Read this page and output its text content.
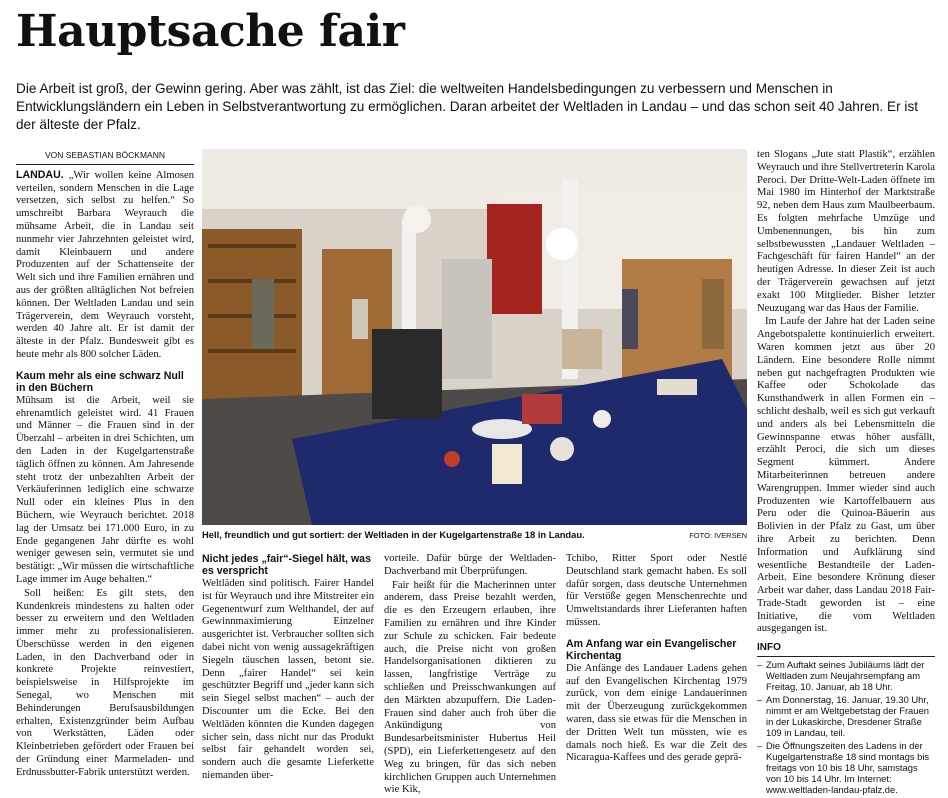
Hauptsache fair

Die Arbeit ist groß, der Gewinn gering. Aber was zählt, ist das Ziel: die weltweiten Handelsbedingungen zu verbessern und Menschen in Entwicklungsländern ein Leben in Selbstverantwortung zu ermöglichen. Daran arbeitet der Weltladen in Landau – und das schon seit 40 Jahren. Er ist der älteste der Pfalz.

VON SEBASTIAN BÖCKMANN

LANDAU. „Wir wollen keine Almosen verteilen, sondern Menschen in die Lage versetzen, sich selbst zu helfen.“ So umschreibt Barbara Weyrauch die mühsame Arbeit, die in Landau seit nunmehr vier Jahrzehnten geleistet wird, damit Kleinbauern und andere Produzenten auf der Schattenseite der Welt sich und ihre Familien ernähren und aus der größten alltäglichen Not befreien können. Der Weltladen Landau und sein Trägerverein, dem Weyrauch vorsteht, werden 40 Jahre alt. Er ist damit der älteste in der Pfalz. Bundesweit gibt es heute mehr als 800 solcher Läden.

Kaum mehr als eine schwarz Null in den Büchern

Mühsam ist die Arbeit, weil sie ehrenamtlich geleistet wird. 41 Frauen und Männer – die Frauen sind in der Überzahl – arbeiten in drei Schichten, um den Laden in der Kugelgartenstraße täglich öffnen zu können. Am Jahresende steht trotz der unbezahlten Arbeit der Verkäuferinnen lediglich eine schwarze Null oder ein kleines Plus in den Büchern, wie Weyrauch berichtet. 2018 lag der Umsatz bei 171.000 Euro, in zu Ende gegangenen Jahr dürfte es wohl weniger gewesen sein, vermutet sie und bestätigt: „Wir müssen die wirtschaftliche Lage immer im Auge behalten.“

Soll heißen: Es gilt stets, den Kundenkreis mindestens zu halten oder besser zu erweitern und den Weltladen immer mehr zu professionalisieren. Überschüsse werden in den eigenen Laden, in den Dachverband oder in konkrete Projekte reinvestiert, beispielsweise in Hilfsprojekte im Senegal, wo Menschen mit Behinderungen Berufsausbildungen erhalten, Existenzgründer beim Aufbau von Werkstätten, Läden oder Kleinbetrieben gefördert oder Frauen bei der Gründung einer Marmeladen- und Erdnussbutter-Fabrik unterstützt werden.

Hell, freundlich und gut sortiert: der Weltladen in der Kugelgartenstraße 18 in Landau.	FOTO: IVERSEN
Nicht jedes „fair“-Siegel hält, was es verspricht

Weltläden sind politisch. Fairer Handel ist für Weyrauch und ihre Mitstreiter ein Gegenentwurf zum Welthandel, der auf Gewinnmaximierung Einzelner ausgerichtet ist. Verbraucher sollten sich dabei nicht von wenig aussagekräftigen Siegeln täuschen lassen, betont sie. Denn „fairer Handel“ sei kein geschützter Begriff und „jeder kann sich sein Siegel selbst machen“ – auch der Discounter um die Ecke. Bei den Weltläden könnten die Kunden dagegen sicher sein, dass nicht nur das Produkt selbst fair gehandelt worden sei, sondern auch die gesamte Lieferkette niemanden über-

vorteile. Dafür bürge der Weltladen-Dachverband mit Überprüfungen.

Fair heißt für die Macherinnen unter anderem, dass Preise bezahlt werden, die es den Erzeugern erlauben, ihre Familien zu ernähren und ihre Kinder zur Schule zu schicken. Fair bedeute auch, die Preise nicht von großen Handelsorganisationen diktieren zu lassen, langfristige Verträge zu schließen und Preisschwankungen auf den Märkten abzupuffern. Die Laden-Frauen sind daher auch froh über die Ankündigung von Bundesarbeitsminister Hubertus Heil (SPD), ein Lieferkettengesetz auf den Weg zu bringen, für das sich neben kirchlichen Gruppen auch Unternehmen wie Kik,

Tchibo, Ritter Sport oder Nestlé Deutschland stark gemacht haben. Es soll dafür sorgen, dass deutsche Unternehmen für Verstöße gegen Menschenrechte und Umweltstandards ihrer Lieferanten haften müssen.

Am Anfang war ein Evangelischer Kirchentag

Die Anfänge des Landauer Ladens gehen auf den Evangelischen Kirchentag 1979 zurück, von dem einige Landauerinnen mit der Überzeugung zurückgekommen waren, dass sie etwas für die Menschen in der Dritten Welt tun müssten, wie es damals noch hieß. Es war die Zeit des Nicaragua-Kaffees und des gerade geprä-

ten Slogans „Jute statt Plastik“, erzählen Weyrauch und ihre Stellvertreterin Karola Peroci. Der Dritte-Welt-Laden öffnete im Mai 1980 im Hinterhof der Marktstraße 92, neben dem Haus zum Maulbeerbaum. Es folgten mehrfache Umzüge und Umbenennungen, bis hin zum selbstbewussten „Landauer Weltladen – Fachgeschäft für fairen Handel“ an der heutigen Adresse. In dieser Zeit ist auch der Trägerverein gewachsen auf jetzt exakt 100 Mitglieder. Bisher letzter Neuzugang war das Haus der Familie.

Im Laufe der Jahre hat der Laden seine Angebotspalette kontinuierlich erweitert. Waren kommen jetzt aus über 20 Ländern. Eine besondere Rolle nimmt neben gut nachgefragten Produkten wie Kaffee oder Schokolade das Kunsthandwerk in allen Formen ein – schlicht deshalb, weil es sich gut verkauft und anders als bei Lebensmitteln die Gewinnspanne etwas höher ausfällt, erzählt Peroci, die sich um dieses Segment kümmert. Andere Mitarbeiterinnen betreuen andere Warengruppen. Immer wieder sind auch Produzenten wie Kartoffelbauern aus Peru oder die Quinoa-Bäuerin aus Bolivien in der Pfalz zu Gast, um über ihre Arbeit zu berichten. Denn Information und Aufklärung sind wesentliche Bestandteile der Laden-Arbeit. Eine besondere Krönung dieser Arbeit war daher, dass Landau 2018 Fair-Trade-Stadt geworden ist – eine Initiative, die vom Weltladen ausgegangen ist.

INFO
– Zum Auftakt seines Jubiläums lädt der Weltladen zum Neujahrsempfang am Freitag, 10. Januar, ab 18 Uhr.
– Am Donnerstag, 16. Januar, 19.30 Uhr, nimmt er am Weltgebetstag der Frauen in der Lukaskirche, Dresdener Straße 109 in Landau, teil.
– Die Öffnungszeiten des Ladens in der Kugelgartenstraße 18 sind montags bis freitags von 10 bis 18 Uhr, samstags von 10 bis 14 Uhr. Im Internet: www.weltladen-landau-pfalz.de.
